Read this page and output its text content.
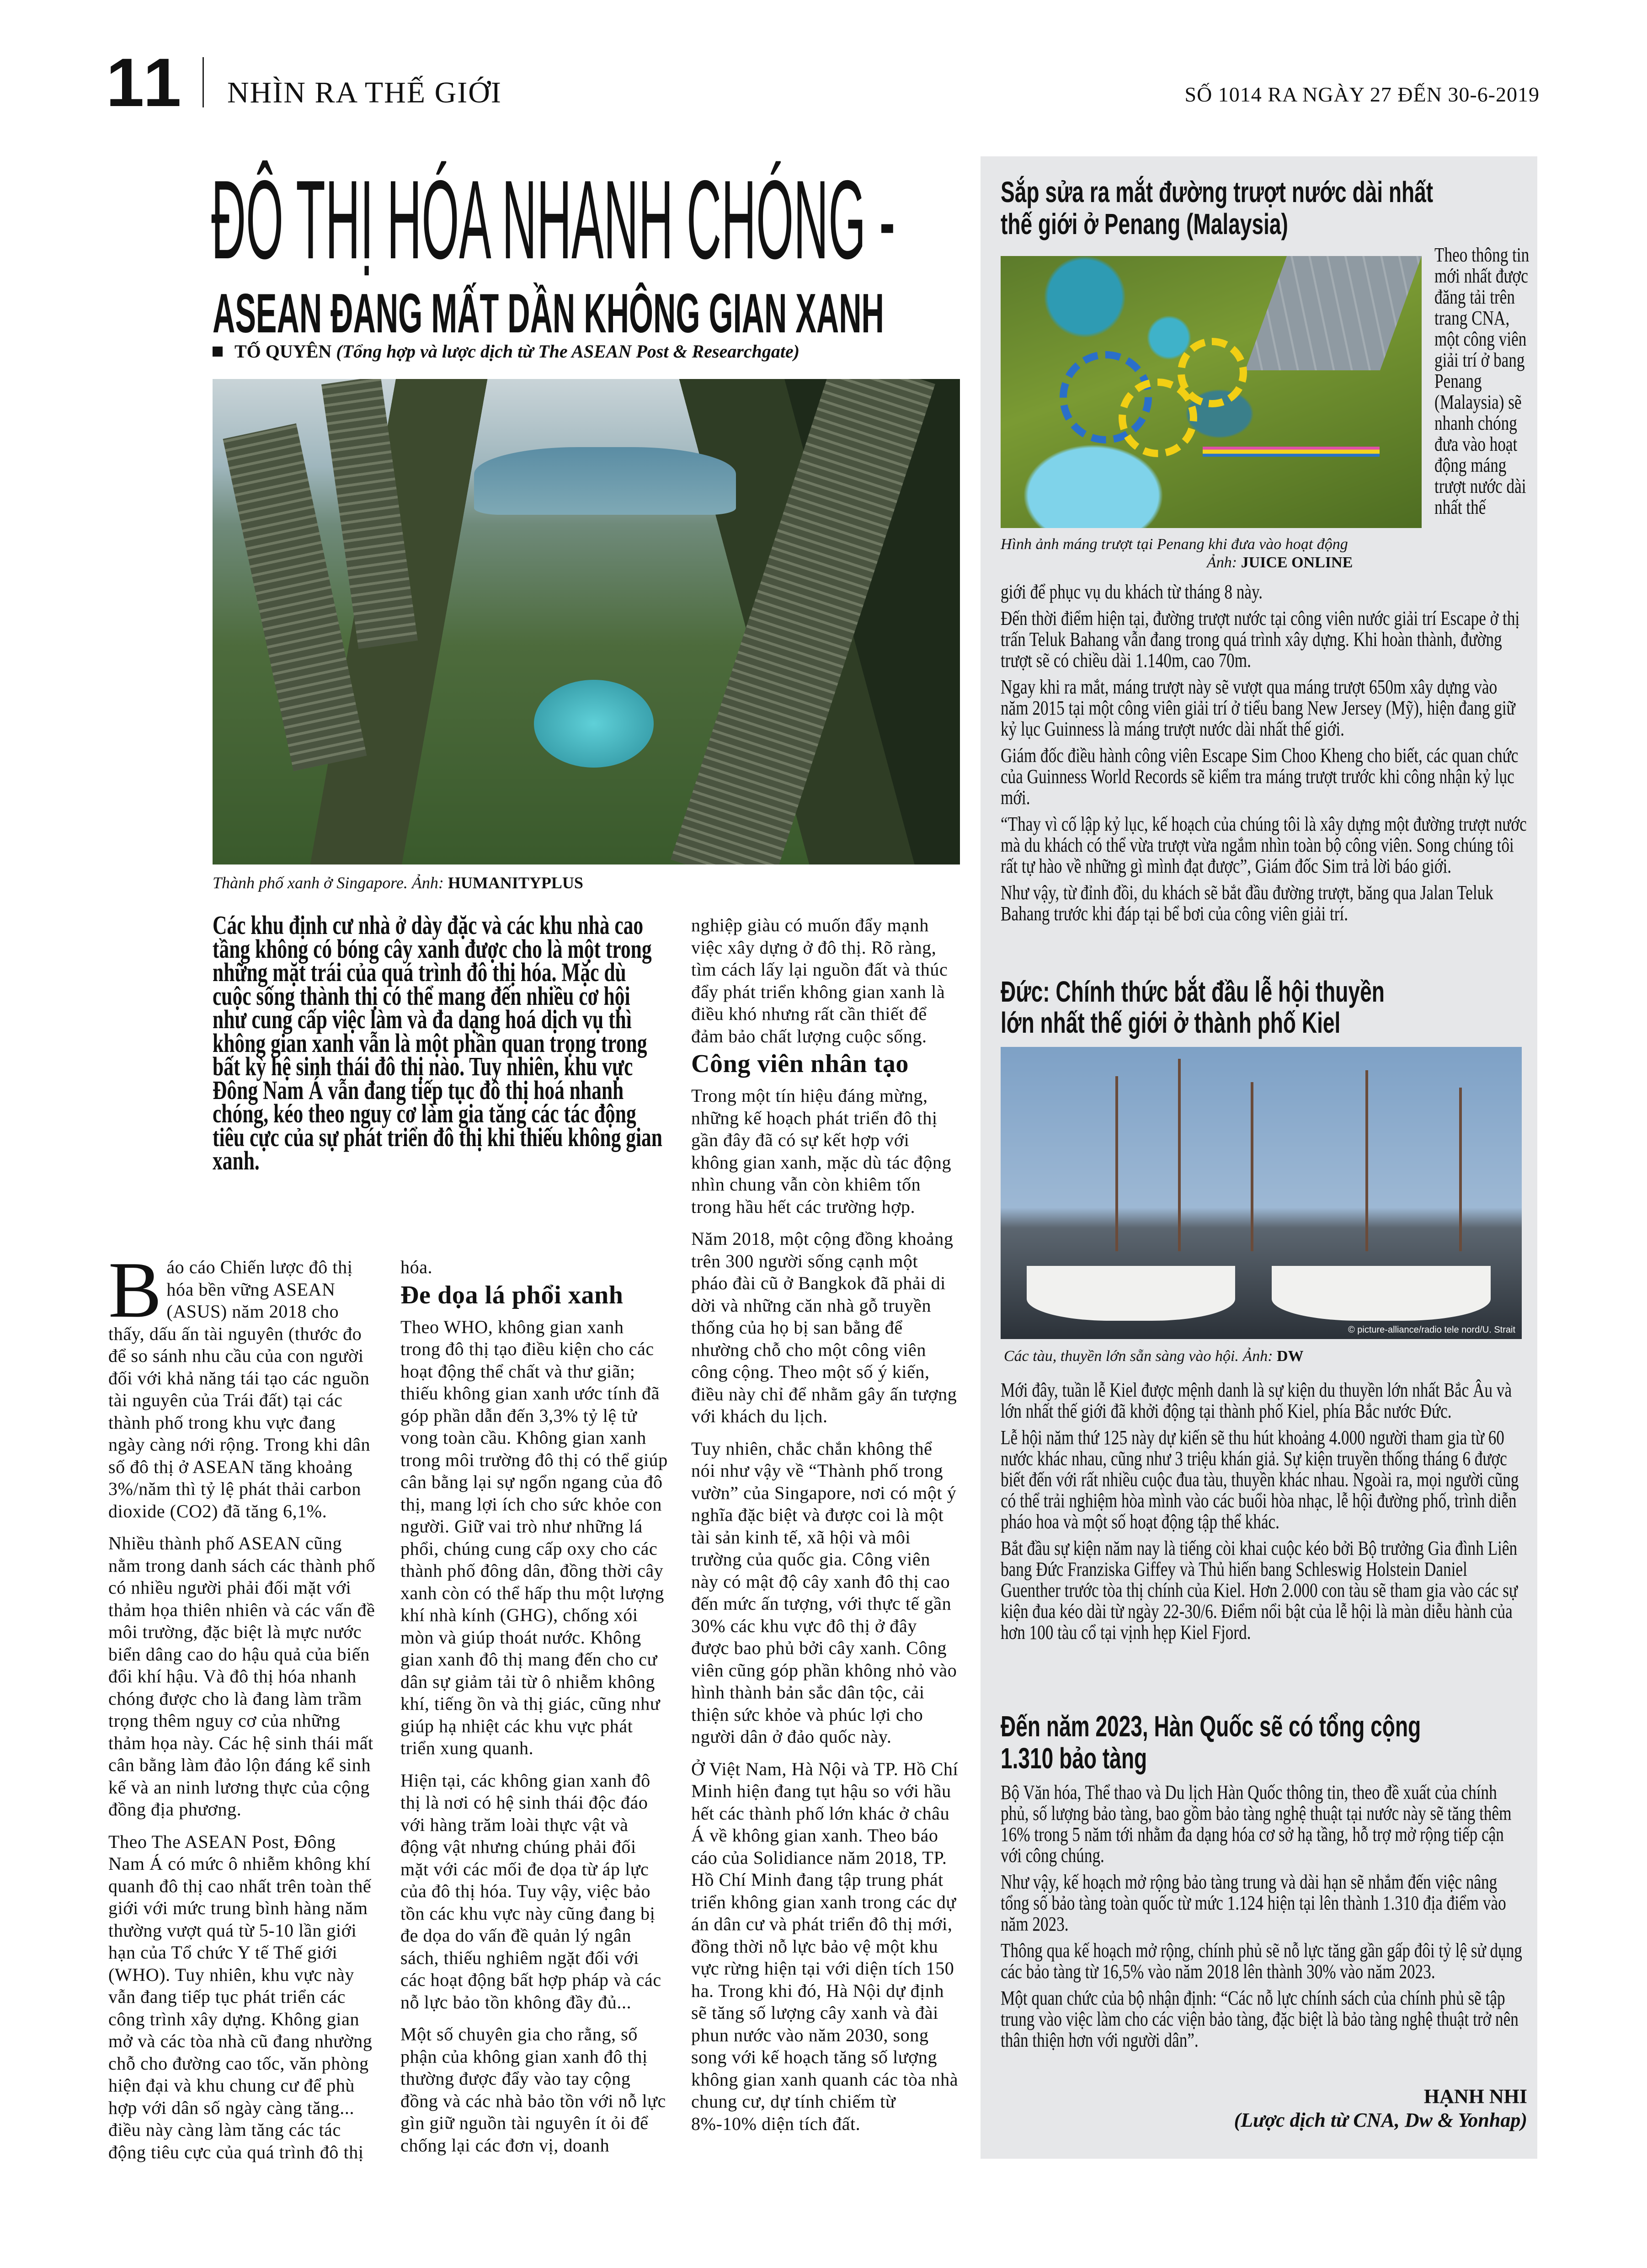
11 NHÌN RA THẾ GIỚI	SỐ 1014 RA NGÀY 27 ĐẾN 30-6-2019
ĐÔ THỊ HÓA NHANH CHÓNG -
ASEAN ĐANG MẤT DẦN KHÔNG GIAN XANH
TỐ QUYÊN (Tổng hợp và lược dịch từ The ASEAN Post & Researchgate)
Thành phố xanh ở Singapore. Ảnh: HUMANITYPLUS
Các khu định cư nhà ở dày đặc và các khu nhà cao tầng không có bóng cây xanh được cho là một trong những mặt trái của quá trình đô thị hóa. Mặc dù cuộc sống thành thị có thể mang đến nhiều cơ hội như cung cấp việc làm và đa dạng hoá dịch vụ thì không gian xanh vẫn là một phần quan trọng trong bất kỳ hệ sinh thái đô thị nào. Tuy nhiên, khu vực Đông Nam Á vẫn đang tiếp tục đô thị hoá nhanh chóng, kéo theo nguy cơ làm gia tăng các tác động tiêu cực của sự phát triển đô thị khi thiếu không gian xanh.

Báo cáo Chiến lược đô thị hóa bền vững ASEAN (ASUS) năm 2018 cho thấy, dấu ấn tài nguyên (thước đo để so sánh nhu cầu của con người đối với khả năng tái tạo các nguồn tài nguyên của Trái đất) tại các thành phố trong khu vực đang ngày càng nới rộng. Trong khi dân số đô thị ở ASEAN tăng khoảng 3%/năm thì tỷ lệ phát thải carbon dioxide (CO2) đã tăng 6,1%.

Nhiều thành phố ASEAN cũng nằm trong danh sách các thành phố có nhiều người phải đối mặt với thảm họa thiên nhiên và các vấn đề môi trường, đặc biệt là mực nước biển dâng cao do hậu quả của biến đổi khí hậu. Và đô thị hóa nhanh chóng được cho là đang làm trầm trọng thêm nguy cơ của những thảm họa này. Các hệ sinh thái mất cân bằng làm đảo lộn đáng kể sinh kế và an ninh lương thực của cộng đồng địa phương.

Theo The ASEAN Post, Đông Nam Á có mức ô nhiễm không khí quanh đô thị cao nhất trên toàn thế giới với mức trung bình hàng năm thường vượt quá từ 5-10 lần giới hạn của Tổ chức Y tế Thế giới (WHO). Tuy nhiên, khu vực này vẫn đang tiếp tục phát triển các công trình xây dựng. Không gian mở và các tòa nhà cũ đang nhường chỗ cho đường cao tốc, văn phòng hiện đại và khu chung cư để phù hợp với dân số ngày càng tăng... điều này càng làm tăng các tác động tiêu cực của quá trình đô thị

hóa.

Đe dọa lá phổi xanh

Theo WHO, không gian xanh trong đô thị tạo điều kiện cho các hoạt động thể chất và thư giãn; thiếu không gian xanh ước tính đã góp phần dẫn đến 3,3% tỷ lệ tử vong toàn cầu. Không gian xanh trong môi trường đô thị có thể giúp cân bằng lại sự ngổn ngang của đô thị, mang lợi ích cho sức khỏe con người. Giữ vai trò như những lá phổi, chúng cung cấp oxy cho các thành phố đông dân, đồng thời cây xanh còn có thể hấp thu một lượng khí nhà kính (GHG), chống xói mòn và giúp thoát nước. Không gian xanh đô thị mang đến cho cư dân sự giảm tải từ ô nhiễm không khí, tiếng ồn và thị giác, cũng như giúp hạ nhiệt các khu vực phát triển xung quanh.

Hiện tại, các không gian xanh đô thị là nơi có hệ sinh thái độc đáo với hàng trăm loài thực vật và động vật nhưng chúng phải đối mặt với các mối đe dọa từ áp lực của đô thị hóa. Tuy vậy, việc bảo tồn các khu vực này cũng đang bị đe dọa do vấn đề quản lý ngân sách, thiếu nghiêm ngặt đối với các hoạt động bất hợp pháp và các nỗ lực bảo tồn không đầy đủ...

Một số chuyên gia cho rằng, số phận của không gian xanh đô thị thường được đẩy vào tay cộng đồng và các nhà bảo tồn với nỗ lực gìn giữ nguồn tài nguyên ít ỏi để chống lại các đơn vị, doanh

nghiệp giàu có muốn đẩy mạnh việc xây dựng ở đô thị. Rõ ràng, tìm cách lấy lại nguồn đất và thúc đẩy phát triển không gian xanh là điều khó nhưng rất cần thiết để đảm bảo chất lượng cuộc sống.

Công viên nhân tạo

Trong một tín hiệu đáng mừng, những kế hoạch phát triển đô thị gần đây đã có sự kết hợp với không gian xanh, mặc dù tác động nhìn chung vẫn còn khiêm tốn trong hầu hết các trường hợp.

Năm 2018, một cộng đồng khoảng trên 300 người sống cạnh một pháo đài cũ ở Bangkok đã phải di dời và những căn nhà gỗ truyền thống của họ bị san bằng để nhường chỗ cho một công viên công cộng. Theo một số ý kiến, điều này chỉ để nhằm gây ấn tượng với khách du lịch.

Tuy nhiên, chắc chắn không thể nói như vậy về “Thành phố trong vườn” của Singapore, nơi có một ý nghĩa đặc biệt và được coi là một tài sản kinh tế, xã hội và môi trường của quốc gia. Công viên này có mật độ cây xanh đô thị cao đến mức ấn tượng, với thực tế gần 30% các khu vực đô thị ở đây được bao phủ bởi cây xanh. Công viên cũng góp phần không nhỏ vào hình thành bản sắc dân tộc, cải thiện sức khỏe và phúc lợi cho người dân ở đảo quốc này.

Ở Việt Nam, Hà Nội và TP. Hồ Chí Minh hiện đang tụt hậu so với hầu hết các thành phố lớn khác ở châu Á về không gian xanh. Theo báo cáo của Solidiance năm 2018, TP. Hồ Chí Minh đang tập trung phát triển không gian xanh trong các dự án dân cư và phát triển đô thị mới, đồng thời nỗ lực bảo vệ một khu vực rừng hiện tại với diện tích 150 ha. Trong khi đó, Hà Nội dự định sẽ tăng số lượng cây xanh và đài phun nước vào năm 2030, song song với kế hoạch tăng số lượng không gian xanh quanh các tòa nhà chung cư, dự tính chiếm từ 8%-10% diện tích đất.

Sắp sửa ra mắt đường trượt nước dài nhất
thế giới ở Penang (Malaysia)
Theo thông tin mới nhất được đăng tải trên trang CNA, một công viên giải trí ở bang Penang (Malaysia) sẽ nhanh chóng đưa vào hoạt động máng trượt nước dài nhất thế
Hình ảnh máng trượt tại Penang khi đưa vào hoạt động
Ảnh: JUICE ONLINE

giới để phục vụ du khách từ tháng 8 này.

Đến thời điểm hiện tại, đường trượt nước tại công viên nước giải trí Escape ở thị trấn Teluk Bahang vẫn đang trong quá trình xây dựng. Khi hoàn thành, đường trượt sẽ có chiều dài 1.140m, cao 70m.

Ngay khi ra mắt, máng trượt này sẽ vượt qua máng trượt 650m xây dựng vào năm 2015 tại một công viên giải trí ở tiểu bang New Jersey (Mỹ), hiện đang giữ kỷ lục Guinness là máng trượt nước dài nhất thế giới.

Giám đốc điều hành công viên Escape Sim Choo Kheng cho biết, các quan chức của Guinness World Records sẽ kiểm tra máng trượt trước khi công nhận kỷ lục mới.

“Thay vì cố lập kỷ lục, kế hoạch của chúng tôi là xây dựng một đường trượt nước mà du khách có thể vừa trượt vừa ngắm nhìn toàn bộ công viên. Song chúng tôi rất tự hào về những gì mình đạt được”, Giám đốc Sim trả lời báo giới.

Như vậy, từ đỉnh đồi, du khách sẽ bắt đầu đường trượt, băng qua Jalan Teluk Bahang trước khi đáp tại bể bơi của công viên giải trí.

Đức: Chính thức bắt đầu lễ hội thuyền
lớn nhất thế giới ở thành phố Kiel
© picture-alliance/radio tele nord/U. Strait
Các tàu, thuyền lớn sẵn sàng vào hội. Ảnh: DW

Mới đây, tuần lễ Kiel được mệnh danh là sự kiện du thuyền lớn nhất Bắc Âu và lớn nhất thế giới đã khởi động tại thành phố Kiel, phía Bắc nước Đức.

Lễ hội năm thứ 125 này dự kiến sẽ thu hút khoảng 4.000 người tham gia từ 60 nước khác nhau, cũng như 3 triệu khán giả. Sự kiện truyền thống tháng 6 được biết đến với rất nhiều cuộc đua tàu, thuyền khác nhau. Ngoài ra, mọi người cũng có thể trải nghiệm hòa mình vào các buổi hòa nhạc, lễ hội đường phố, trình diễn pháo hoa và một số hoạt động tập thể khác.

Bắt đầu sự kiện năm nay là tiếng còi khai cuộc kéo bởi Bộ trưởng Gia đình Liên bang Đức Franziska Giffey và Thủ hiến bang Schleswig Holstein Daniel Guenther trước tòa thị chính của Kiel. Hơn 2.000 con tàu sẽ tham gia vào các sự kiện đua kéo dài từ ngày 22-30/6. Điểm nổi bật của lễ hội là màn diễu hành của hơn 100 tàu cổ tại vịnh hẹp Kiel Fjord.

Đến năm 2023, Hàn Quốc sẽ có tổng cộng
1.310 bảo tàng

Bộ Văn hóa, Thể thao và Du lịch Hàn Quốc thông tin, theo đề xuất của chính phủ, số lượng bảo tàng, bao gồm bảo tàng nghệ thuật tại nước này sẽ tăng thêm 16% trong 5 năm tới nhằm đa dạng hóa cơ sở hạ tầng, hỗ trợ mở rộng tiếp cận với công chúng.

Như vậy, kế hoạch mở rộng bảo tàng trung và dài hạn sẽ nhắm đến việc nâng tổng số bảo tàng toàn quốc từ mức 1.124 hiện tại lên thành 1.310 địa điểm vào năm 2023.

Thông qua kế hoạch mở rộng, chính phủ sẽ nỗ lực tăng gần gấp đôi tỷ lệ sử dụng các bảo tàng từ 16,5% vào năm 2018 lên thành 30% vào năm 2023.

Một quan chức của bộ nhận định: “Các nỗ lực chính sách của chính phủ sẽ tập trung vào việc làm cho các viện bảo tàng, đặc biệt là bảo tàng nghệ thuật trở nên thân thiện hơn với người dân”.

HẠNH NHI
(Lược dịch từ CNA, Dw & Yonhap)
